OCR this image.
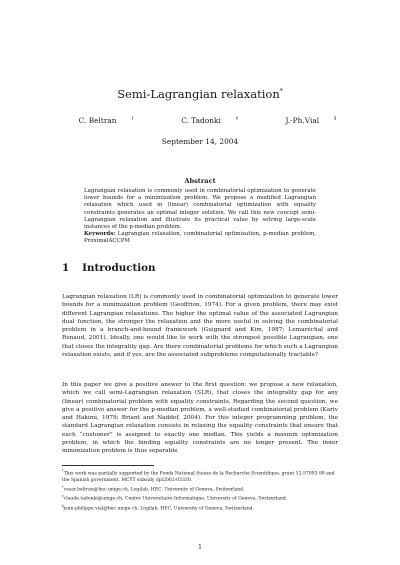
Semi-Lagrangian relaxation*
C. Beltran	†	C. Tadonki	‡	J.-Ph.Vial	§
September 14, 2004
Abstract
Lagrangian relaxation is commonly used in combinatorial optimization to generate lower bounds for a minimization problem. We propose a modified Lagrangian relaxation which used in (linear) combinatorial optimization with equality constraints generates an optimal integer solution. We call this new concept semi-Lagrangian relaxation and illustrate its practical value by solving large-scale instances of the p-median problem.
Keywords: Lagrangian relaxation, combinatorial optimization, p-median problem, ProximalACCPM
1 Introduction
Lagrangian relaxation (LR) is commonly used in combinatorial optimization to generate lower bounds for a minimization problem (Geoffrion, 1974). For a given problem, there may exist different Lagrangian relaxations. The higher the optimal value of the associated Lagrangian dual function, the stronger the relaxation and the more useful in solving the combinatorial problem in a branch-and-bound framework (Guignard and Kim, 1987; Lemaréchal and Renaud, 2001). Ideally, one would like to work with the strongest possible Lagrangian, one that closes the integrality gap. Are there combinatorial problems for which such a Lagrangian relaxation exists, and if yes, are the associated subproblems computationally tractable?
In this paper we give a positive answer to the first question: we propose a new relaxation, which we call semi-Lagrangian relaxation (SLR), that closes the integrality gap for any (linear) combinatorial problem with equality constraints. Regarding the second question, we give a positive answer for the p-median problem, a well-studied combinatorial problem (Kariv and Hakimi, 1979; Briant and Naddef, 2004). For this integer programming problem, the standard Lagrangian relaxation consists in relaxing the equality constraints that ensure that each “customer” is assigned to exactly one median. This yields a maxmin optimization problem, in which the binding equality constraints are no longer present. The inner minimization problem is thus separable
*This work was partially supported by the Fonds National Suisse de la Recherche Scientifique, grant 12-57093.99 and the Spanish government, MCYT subsidy dpi2002-03330.
†cesar.beltran@hec.unige.ch, Logilab, HEC, University of Geneva, Switzerland.
‡claude.tadonki@unige.ch, Centre Universitaire Informatique, University of Geneva, Switzerland.
§jean-philippe.vial@hec.unige.ch, Logilab, HEC, University of Geneva, Switzerland.
1
